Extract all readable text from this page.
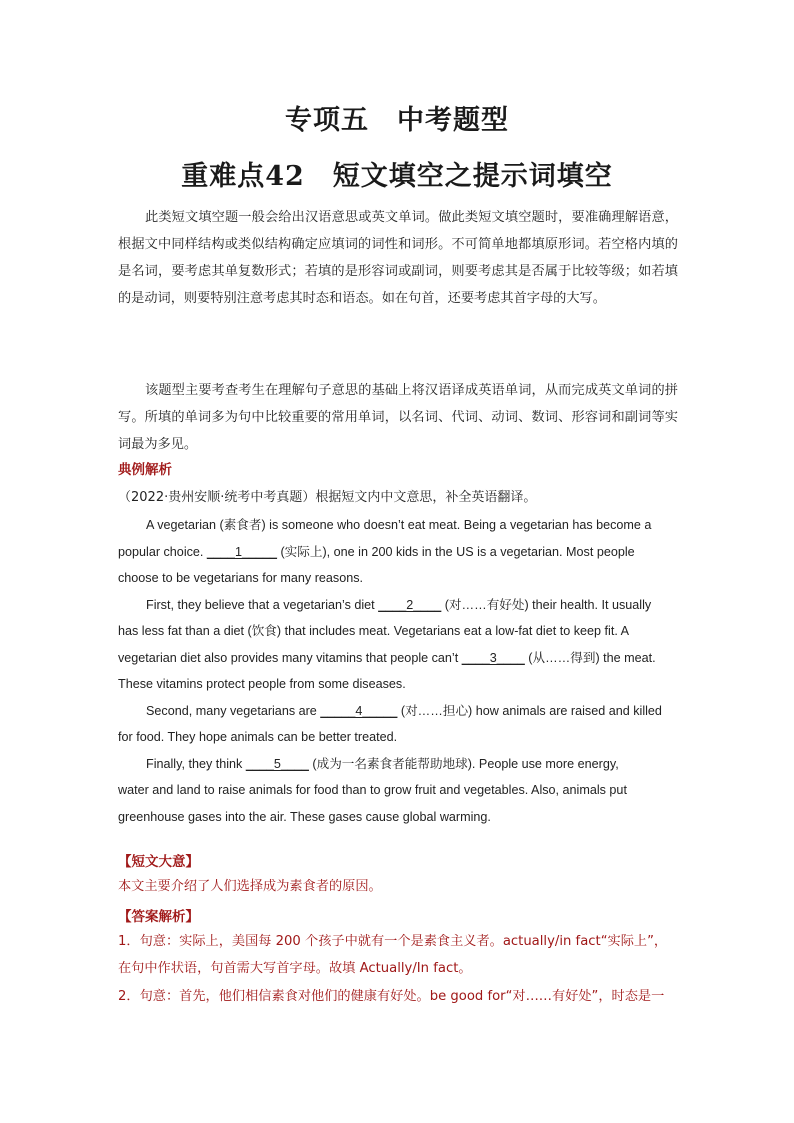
专项五　中考题型
重难点42　短文填空之提示词填空
此类短文填空题一般会给出汉语意思或英文单词。做此类短文填空题时，要准确理解语意，根据文中同样结构或类似结构确定应填词的词性和词形。不可简单地都填原形词。若空格内填的是名词，要考虑其单复数形式；若填的是形容词或副词，则要考虑其是否属于比较等级；如若填的是动词，则要特别注意考虑其时态和语态。如在句首，还要考虑其首字母的大写。
该题型主要考查考生在理解句子意思的基础上将汉语译成英语单词，从而完成英文单词的拼写。所填的单词多为句中比较重要的常用单词，以名词、代词、动词、数词、形容词和副词等实词最为多见。
典例解析
（2022·贵州安顺·统考中考真题）根据短文内中文意思，补全英语翻译。
A vegetarian (素食者) is someone who doesn’t eat meat. Being a vegetarian has become a
popular choice. ____1_____ (实际上), one in 200 kids in the US is a vegetarian. Most people
choose to be vegetarians for many reasons.
First, they believe that a vegetarian’s diet ____2____ (对……有好处) their health. It usually
has less fat than a diet (饮食) that includes meat. Vegetarians eat a low-fat diet to keep fit. A
vegetarian diet also provides many vitamins that people can’t ____3____ (从……得到) the meat.
These vitamins protect people from some diseases.
Second, many vegetarians are _____4_____ (对……担心) how animals are raised and killed
for food. They hope animals can be better treated.
Finally, they think ____5____ (成为一名素食者能帮助地球). People use more energy,
water and land to raise animals for food than to grow fruit and vegetables. Also, animals put
greenhouse gases into the air. These gases cause global warming.
【短文大意】
本文主要介绍了人们选择成为素食者的原因。
【答案解析】
1．句意：实际上，美国每 200 个孩子中就有一个是素食主义者。actually/in fact“实际上”，
在句中作状语，句首需大写首字母。故填 Actually/In fact。
2．句意：首先，他们相信素食对他们的健康有好处。be good for“对……有好处”，时态是一
